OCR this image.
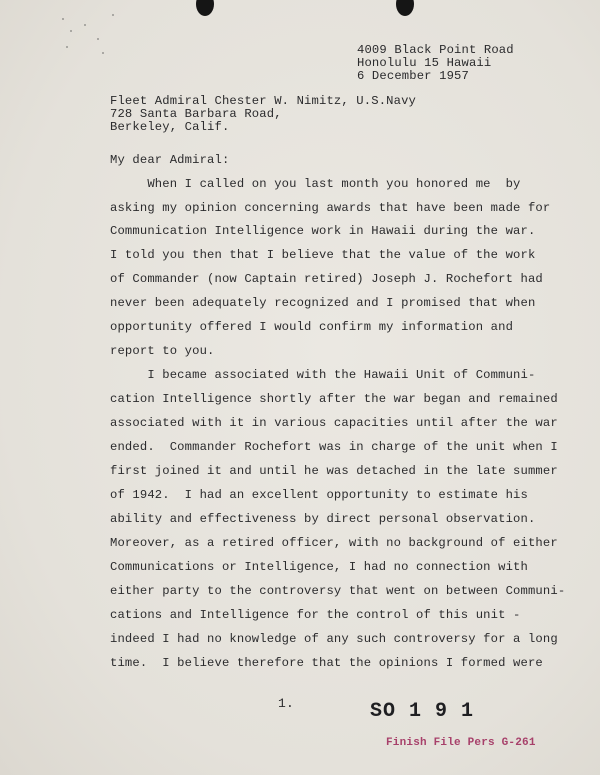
4009 Black Point Road
Honolulu 15 Hawaii
6 December 1957
Fleet Admiral Chester W. Nimitz, U.S.Navy
728 Santa Barbara Road,
Berkeley, Calif.
My dear Admiral:
When I called on you last month you honored me  by
asking my opinion concerning awards that have been made for
Communication Intelligence work in Hawaii during the war.
I told you then that I believe that the value of the work
of Commander (now Captain retired) Joseph J. Rochefort had
never been adequately recognized and I promised that when
opportunity offered I would confirm my information and
report to you.
I became associated with the Hawaii Unit of Communi-
cation Intelligence shortly after the war began and remained
associated with it in various capacities until after the war
ended.  Commander Rochefort was in charge of the unit when I
first joined it and until he was detached in the late summer
of 1942.  I had an excellent opportunity to estimate his
ability and effectiveness by direct personal observation.
Moreover, as a retired officer, with no background of either
Communications or Intelligence, I had no connection with
either party to the controversy that went on between Communi-
cations and Intelligence for the control of this unit -
indeed I had no knowledge of any such controversy for a long
time.  I believe therefore that the opinions I formed were
1.	SO 1 9 1
Finish File Pers G-261
